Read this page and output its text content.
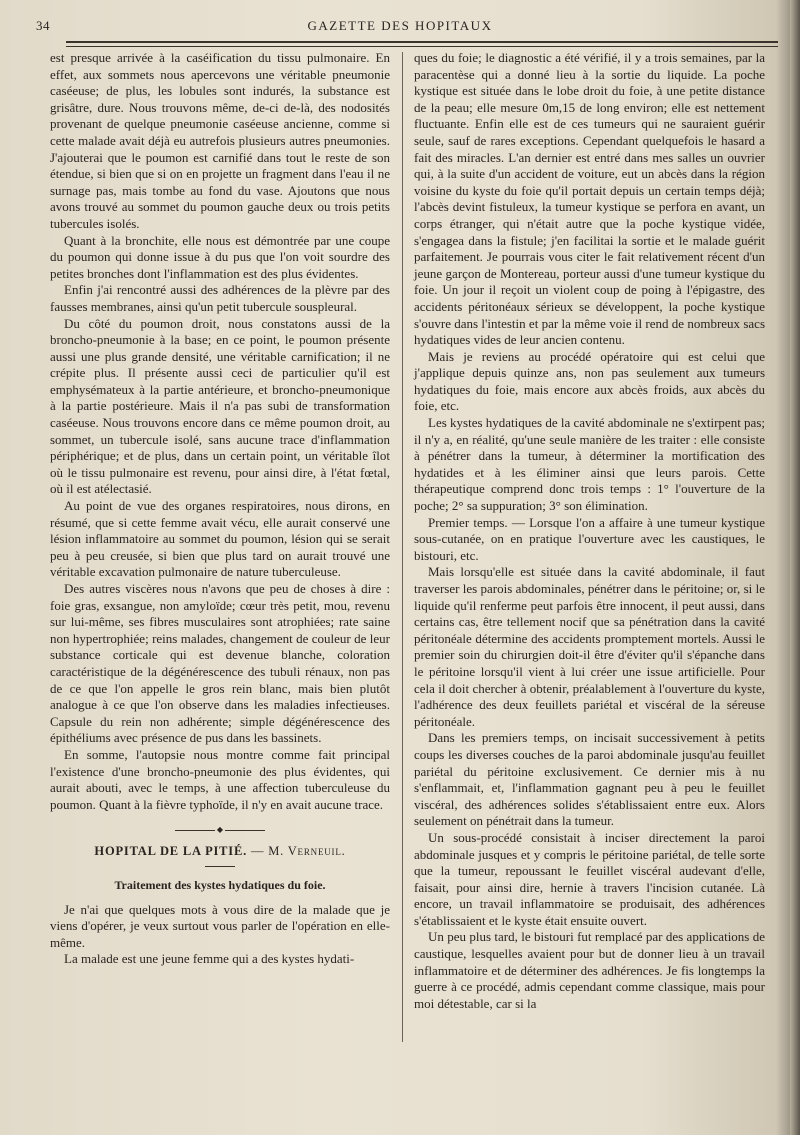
34	GAZETTE DES HOPITAUX

est presque arrivée à la caséification du tissu pulmonaire. En effet, aux sommets nous apercevons une véritable pneumonie caséeuse; de plus, les lobules sont indurés, la substance est grisâtre, dure. Nous trouvons même, de-ci de-là, des nodosités provenant de quelque pneumonie caséeuse ancienne, comme si cette malade avait déjà eu autrefois plusieurs autres pneumonies. J'ajouterai que le poumon est carnifié dans tout le reste de son étendue, si bien que si on en projette un fragment dans l'eau il ne surnage pas, mais tombe au fond du vase. Ajoutons que nous avons trouvé au sommet du poumon gauche deux ou trois petits tubercules isolés.

Quant à la bronchite, elle nous est démontrée par une coupe du poumon qui donne issue à du pus que l'on voit sourdre des petites bronches dont l'inflammation est des plus évidentes.

Enfin j'ai rencontré aussi des adhérences de la plèvre par des fausses membranes, ainsi qu'un petit tubercule souspleural.

Du côté du poumon droit, nous constatons aussi de la broncho-pneumonie à la base; en ce point, le poumon présente aussi une plus grande densité, une véritable carnification; il ne crépite plus. Il présente aussi ceci de particulier qu'il est emphysémateux à la partie antérieure, et broncho-pneumonique à la partie postérieure. Mais il n'a pas subi de transformation caséeuse. Nous trouvons encore dans ce même poumon droit, au sommet, un tubercule isolé, sans aucune trace d'inflammation périphérique; et de plus, dans un certain point, un véritable îlot où le tissu pulmonaire est revenu, pour ainsi dire, à l'état fœtal, où il est atélectasié.

Au point de vue des organes respiratoires, nous dirons, en résumé, que si cette femme avait vécu, elle aurait conservé une lésion inflammatoire au sommet du poumon, lésion qui se serait peu à peu creusée, si bien que plus tard on aurait trouvé une véritable excavation pulmonaire de nature tuberculeuse.

Des autres viscères nous n'avons que peu de choses à dire : foie gras, exsangue, non amyloïde; cœur très petit, mou, revenu sur lui-même, ses fibres musculaires sont atrophiées; rate saine non hypertrophiée; reins malades, changement de couleur de leur substance corticale qui est devenue blanche, coloration caractéristique de la dégénérescence des tubuli rénaux, non pas de ce que l'on appelle le gros rein blanc, mais bien plutôt analogue à ce que l'on observe dans les maladies infectieuses. Capsule du rein non adhérente; simple dégénérescence des épithéliums avec présence de pus dans les bassinets.

En somme, l'autopsie nous montre comme fait principal l'existence d'une broncho-pneumonie des plus évidentes, qui aurait abouti, avec le temps, à une affection tuberculeuse du poumon. Quant à la fièvre typhoïde, il n'y en avait aucune trace.

◆
HOPITAL DE LA PITIÉ. — M. Verneuil.
Traitement des kystes hydatiques du foie.

Je n'ai que quelques mots à vous dire de la malade que je viens d'opérer, je veux surtout vous parler de l'opération en elle-même.

La malade est une jeune femme qui a des kystes hydati-

ques du foie; le diagnostic a été vérifié, il y a trois semaines, par la paracentèse qui a donné lieu à la sortie du liquide. La poche kystique est située dans le lobe droit du foie, à une petite distance de la peau; elle mesure 0m,15 de long environ; elle est nettement fluctuante. Enfin elle est de ces tumeurs qui ne sauraient guérir seule, sauf de rares exceptions. Cependant quelquefois le hasard a fait des miracles. L'an dernier est entré dans mes salles un ouvrier qui, à la suite d'un accident de voiture, eut un abcès dans la région voisine du kyste du foie qu'il portait depuis un certain temps déjà; l'abcès devint fistuleux, la tumeur kystique se perfora en avant, un corps étranger, qui n'était autre que la poche kystique vidée, s'engagea dans la fistule; j'en facilitai la sortie et le malade guérit parfaitement. Je pourrais vous citer le fait relativement récent d'un jeune garçon de Montereau, porteur aussi d'une tumeur kystique du foie. Un jour il reçoit un violent coup de poing à l'épigastre, des accidents péritonéaux sérieux se développent, la poche kystique s'ouvre dans l'intestin et par la même voie il rend de nombreux sacs hydatiques vides de leur ancien contenu.

Mais je reviens au procédé opératoire qui est celui que j'applique depuis quinze ans, non pas seulement aux tumeurs hydatiques du foie, mais encore aux abcès froids, aux abcès du foie, etc.

Les kystes hydatiques de la cavité abdominale ne s'extirpent pas; il n'y a, en réalité, qu'une seule manière de les traiter : elle consiste à pénétrer dans la tumeur, à déterminer la mortification des hydatides et à les éliminer ainsi que leurs parois. Cette thérapeutique comprend donc trois temps : 1° l'ouverture de la poche; 2° sa suppuration; 3° son élimination.

Premier temps. — Lorsque l'on a affaire à une tumeur kystique sous-cutanée, on en pratique l'ouverture avec les caustiques, le bistouri, etc.

Mais lorsqu'elle est située dans la cavité abdominale, il faut traverser les parois abdominales, pénétrer dans le péritoine; or, si le liquide qu'il renferme peut parfois être innocent, il peut aussi, dans certains cas, être tellement nocif que sa pénétration dans la cavité péritonéale détermine des accidents promptement mortels. Aussi le premier soin du chirurgien doit-il être d'éviter qu'il s'épanche dans le péritoine lorsqu'il vient à lui créer une issue artificielle. Pour cela il doit chercher à obtenir, préalablement à l'ouverture du kyste, l'adhérence des deux feuillets pariétal et viscéral de la séreuse péritonéale.

Dans les premiers temps, on incisait successivement à petits coups les diverses couches de la paroi abdominale jusqu'au feuillet pariétal du péritoine exclusivement. Ce dernier mis à nu s'enflammait, et, l'inflammation gagnant peu à peu le feuillet viscéral, des adhérences solides s'établissaient entre eux. Alors seulement on pénétrait dans la tumeur.

Un sous-procédé consistait à inciser directement la paroi abdominale jusques et y compris le péritoine pariétal, de telle sorte que la tumeur, repoussant le feuillet viscéral audevant d'elle, faisait, pour ainsi dire, hernie à travers l'incision cutanée. Là encore, un travail inflammatoire se produisait, des adhérences s'établissaient et le kyste était ensuite ouvert.

Un peu plus tard, le bistouri fut remplacé par des applications de caustique, lesquelles avaient pour but de donner lieu à un travail inflammatoire et de déterminer des adhérences. Je fis longtemps la guerre à ce procédé, admis cependant comme classique, mais pour moi détestable, car si la
